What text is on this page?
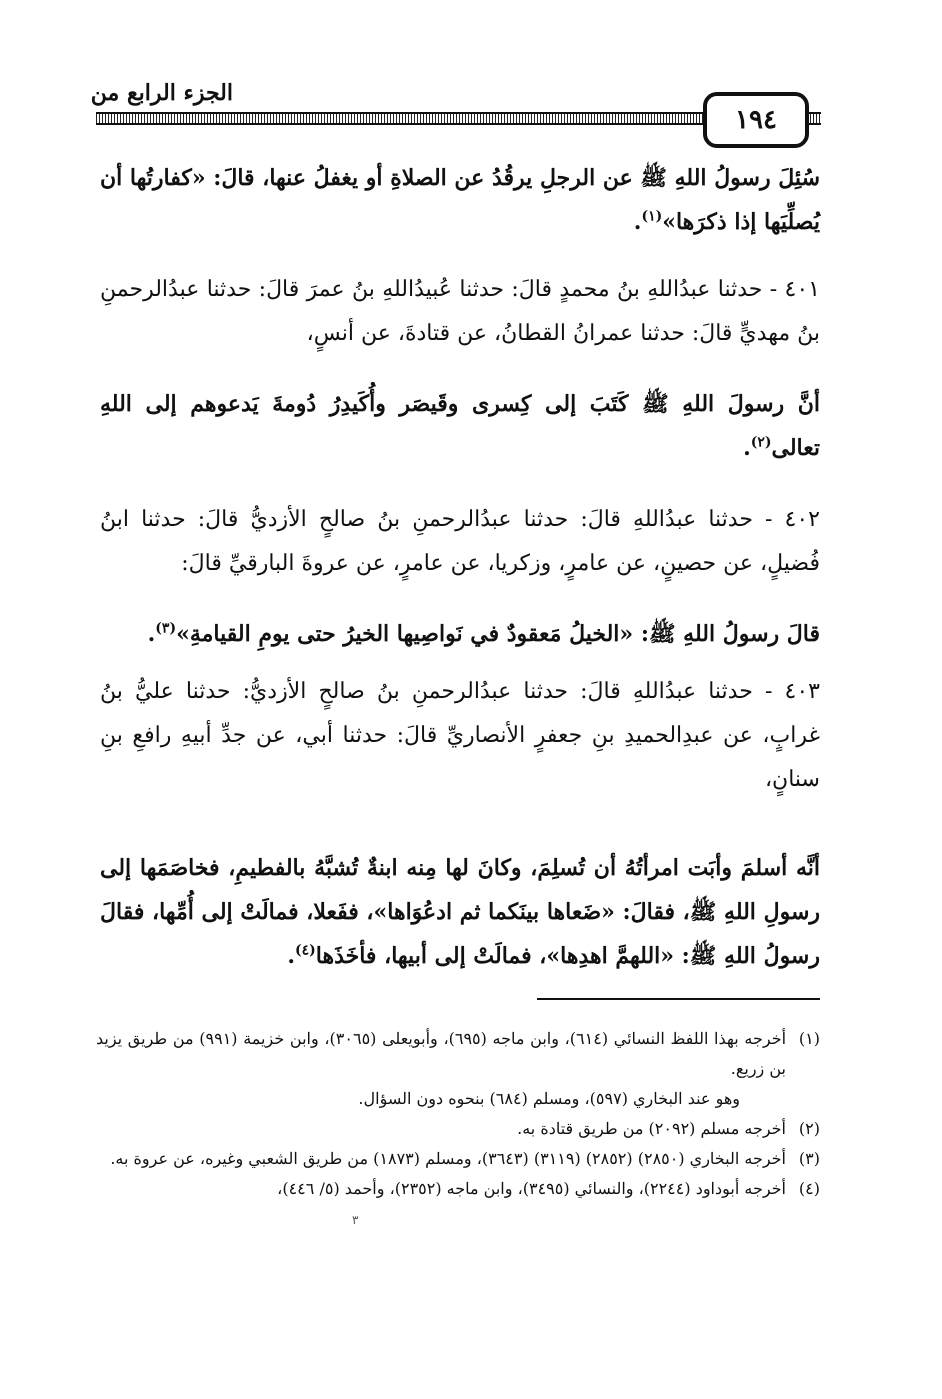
الجزء الرابع من
١٩٤
سُئِلَ رسولُ اللهِ ﷺ عن الرجلِ يرقُدُ عن الصلاةِ أو يغفلُ عنها، قالَ: «كفارتُها أن يُصلِّيَها إذا ذكرَها»$^{(١)}$.
٤٠١ - حدثنا عبدُاللهِ بنُ محمدٍ قالَ: حدثنا عُبيدُاللهِ بنُ عمرَ قالَ: حدثنا عبدُالرحمنِ بنُ مهديٍّ قالَ: حدثنا عمرانُ القطانُ، عن قتادةَ، عن أنسٍ،
أنَّ رسولَ اللهِ ﷺ كَتَبَ إلى كِسرى وقَيصَر وأُكَيدِرُ دُومةَ يَدعوهم إلى اللهِ تعالى$^{(٢)}$.
٤٠٢ - حدثنا عبدُاللهِ قالَ: حدثنا عبدُالرحمنِ بنُ صالحٍ الأزديُّ قالَ: حدثنا ابنُ فُضيلٍ، عن حصينٍ، عن عامرٍ، وزكريا، عن عامرٍ، عن عروةَ البارقيِّ قالَ:
قالَ رسولُ اللهِ ﷺ: «الخيلُ مَعقودٌ في نَواصِيها الخيرُ حتى يومِ القيامةِ»$^{(٣)}$.
٤٠٣ - حدثنا عبدُاللهِ قالَ: حدثنا عبدُالرحمنِ بنُ صالحٍ الأزديُّ: حدثنا عليُّ بنُ غرابٍ، عن عبدِالحميدِ بنِ جعفرٍ الأنصاريِّ قالَ: حدثنا أبي، عن جدِّ أبيهِ رافعِ بنِ سنانٍ،
أنَّه أسلمَ وأبَت امرأتُهُ أن تُسلِمَ، وكانَ لها مِنه ابنةٌ تُشبَّهُ بالفطيمِ، فخاصَمَها إلى رسولِ اللهِ ﷺ، فقالَ: «ضَعاها بينَكما ثم ادعُوَاها»، ففَعلا، فمالَتْ إلى أُمِّها، فقالَ رسولُ اللهِ ﷺ: «اللهمَّ اهدِها»، فمالَتْ إلى أبيها، فأخَذَها$^{(٤)}$.
(١)
أخرجه بهذا اللفظ النسائي (٦١٤)، وابن ماجه (٦٩٥)، وأبويعلى (٣٠٦٥)، وابن خزيمة (٩٩١) من طريق يزيد بن زريع.
وهو عند البخاري (٥٩٧)، ومسلم (٦٨٤) بنحوه دون السؤال.
(٢)
أخرجه مسلم (٢٠٩٢) من طريق قتادة به.
(٣)
أخرجه البخاري (٢٨٥٠) (٢٨٥٢) (٣١١٩) (٣٦٤٣)، ومسلم (١٨٧٣) من طريق الشعبي وغيره، عن عروة به.
(٤)
أخرجه أبوداود (٢٢٤٤)، والنسائي (٣٤٩٥)، وابن ماجه (٢٣٥٢)، وأحمد (٥/ ٤٤٦)،
٣
